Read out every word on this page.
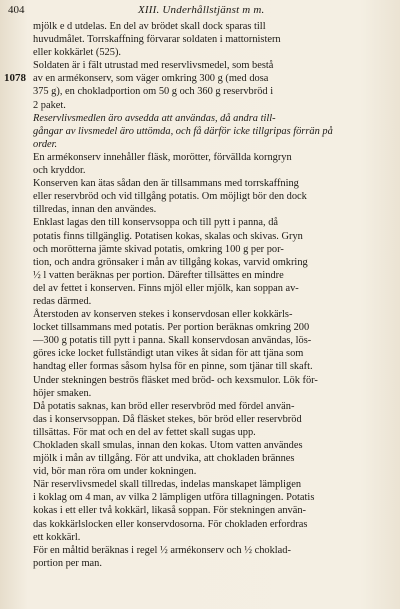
404	XIII. Underhållstjänst m m.
1078

mjölk e d utdelas. En del av brödet skall dock sparas till
huvudmålet. Torrskaffning förvarar soldaten i mattornistern
eller kokkärlet (525).

Soldaten är i fält utrustad med reservlivsmedel, som bestå
av en armékonserv, som väger omkring 300 g (med dosa
375 g), en chokladportion om 50 g och 360 g reservbröd i
2 paket.

Reservlivsmedlen äro avsedda att användas, då andra till-
gångar av livsmedel äro uttömda, och få därför icke tillgripas förrän på
order.

En armékonserv innehåller fläsk, morötter, förvällda korngryn
och kryddor.

Konserven kan ätas sådan den är tillsammans med torrskaffning
eller reservbröd och vid tillgång potatis. Om möjligt bör den dock
tillredas, innan den användes.

Enklast lagas den till konservsoppa och till pytt i panna, då
potatis finns tillgänglig. Potatisen kokas, skalas och skivas. Gryn
och morötterna jämte skivad potatis, omkring 100 g per por-
tion, och andra grönsaker i mån av tillgång kokas, varvid omkring
½ l vatten beräknas per portion. Därefter tillsättes en mindre
del av fettet i konserven. Finns mjöl eller mjölk, kan soppan av-
redas därmed.

Återstoden av konserven stekes i konservdosan eller kokkärls-
locket tillsammans med potatis. Per portion beräknas omkring 200
—300 g potatis till pytt i panna. Skall konservdosan användas, lös-
göres icke locket fullständigt utan vikes åt sidan för att tjäna som
handtag eller formas såsom hylsa för en pinne, som tjänar till skaft.
Under stekningen beströs fläsket med bröd- och kexsmulor. Lök för-
höjer smaken.

Då potatis saknas, kan bröd eller reservbröd med fördel använ-
das i konservsoppan. Då fläsket stekes, bör bröd eller reservbröd
tillsättas. För mat och en del av fettet skall sugas upp.

Chokladen skall smulas, innan den kokas. Utom vatten användes
mjölk i mån av tillgång. För att undvika, att chokladen brännes
vid, bör man röra om under kokningen.

När reservlivsmedel skall tillredas, indelas manskapet lämpligen
i koklag om 4 man, av vilka 2 lämpligen utföra tillagningen. Potatis
kokas i ett eller två kokkärl, likaså soppan. För stekningen använ-
das kokkärlslocken eller konservdosorna. För chokladen erfordras
ett kokkärl.

För en måltid beräknas i regel ½ armékonserv och ½ choklad-
portion per man.
